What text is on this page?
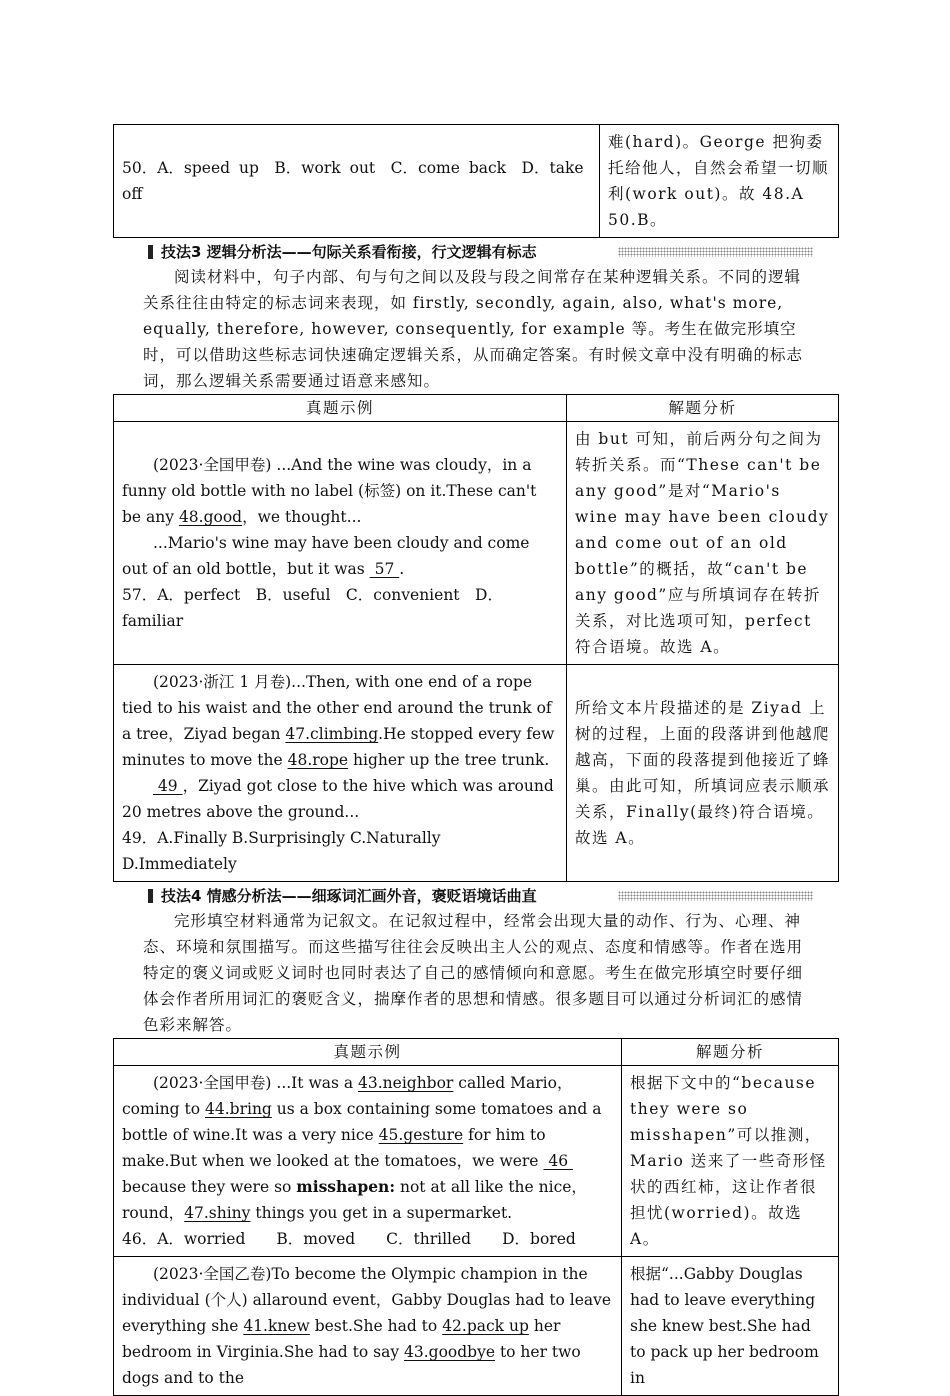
50．A．speed up　B．work out　C．come back　D．take off	难(hard)。George 把狗委托给他人，自然会希望一切顺利(work out)。故 48.A 50.B。
技法3 逻辑分析法——句际关系看衔接，行文逻辑有标志

阅读材料中，句子内部、句与句之间以及段与段之间常存在某种逻辑关系。不同的逻辑关系往往由特定的标志词来表现，如 firstly, secondly, again, also, what's more, equally, therefore, however, consequently, for example 等。考生在做完形填空时，可以借助这些标志词快速确定逻辑关系，从而确定答案。有时候文章中没有明确的标志词，那么逻辑关系需要通过语意来感知。

真题示例	解题分析

(2023·全国甲卷) ...And the wine was cloudy，in a funny old bottle with no label (标签) on it.These can't be any 48.good，we thought...
...Mario's wine may have been cloudy and come out of an old bottle，but it was  57 .
57．A．perfect　B．useful　C．convenient　D．familiar	由 but 可知，前后两分句之间为转折关系。而“These can't be any good”是对“Mario's wine may have been cloudy and come out of an old bottle”的概括，故“can't be any good”应与所填词存在转折关系，对比选项可知，perfect 符合语境。故选 A。

(2023·浙江 1 月卷)...Then, with one end of a rope tied to his waist and the other end around the trunk of a tree，Ziyad began 47.climbing.He stopped every few minutes to move the 48.rope higher up the tree trunk.
49 ，Ziyad got close to the hive which was around 20 metres above the ground...
49．A.Finally B.Surprisingly C.Naturally D.Immediately	所给文本片段描述的是 Ziyad 上树的过程，上面的段落讲到他越爬越高，下面的段落提到他接近了蜂巢。由此可知，所填词应表示顺承关系，Finally(最终)符合语境。故选 A。
技法4 情感分析法——细琢词汇画外音，褒贬语境话曲直

完形填空材料通常为记叙文。在记叙过程中，经常会出现大量的动作、行为、心理、神态、环境和氛围描写。而这些描写往往会反映出主人公的观点、态度和情感等。作者在选用特定的褒义词或贬义词时也同时表达了自己的感情倾向和意愿。考生在做完形填空时要仔细体会作者所用词汇的褒贬含义，揣摩作者的思想和情感。很多题目可以通过分析词汇的感情色彩来解答。

真题示例	解题分析

(2023·全国甲卷) ...It was a 43.neighbor called Mario，coming to 44.bring us a box containing some tomatoes and a bottle of wine.It was a very nice 45.gesture for him to make.But when we looked at the tomatoes，we were  46  because they were so misshapen: not at all like the nice，round，47.shiny things you get in a supermarket.
46．A．worried　　B．moved　　C．thrilled　　D．bored	根据下文中的“because they were so misshapen”可以推测，Mario 送来了一些奇形怪状的西红柿，这让作者很担忧(worried)。故选 A。

(2023·全国乙卷)To become the Olympic champion in the individual (个人) allaround event，Gabby Douglas had to leave everything she 41.knew best.She had to 42.pack up her bedroom in Virginia.She had to say 43.goodbye to her two dogs and to the	根据“...Gabby Douglas had to leave everything she knew best.She had to pack up her bedroom in
